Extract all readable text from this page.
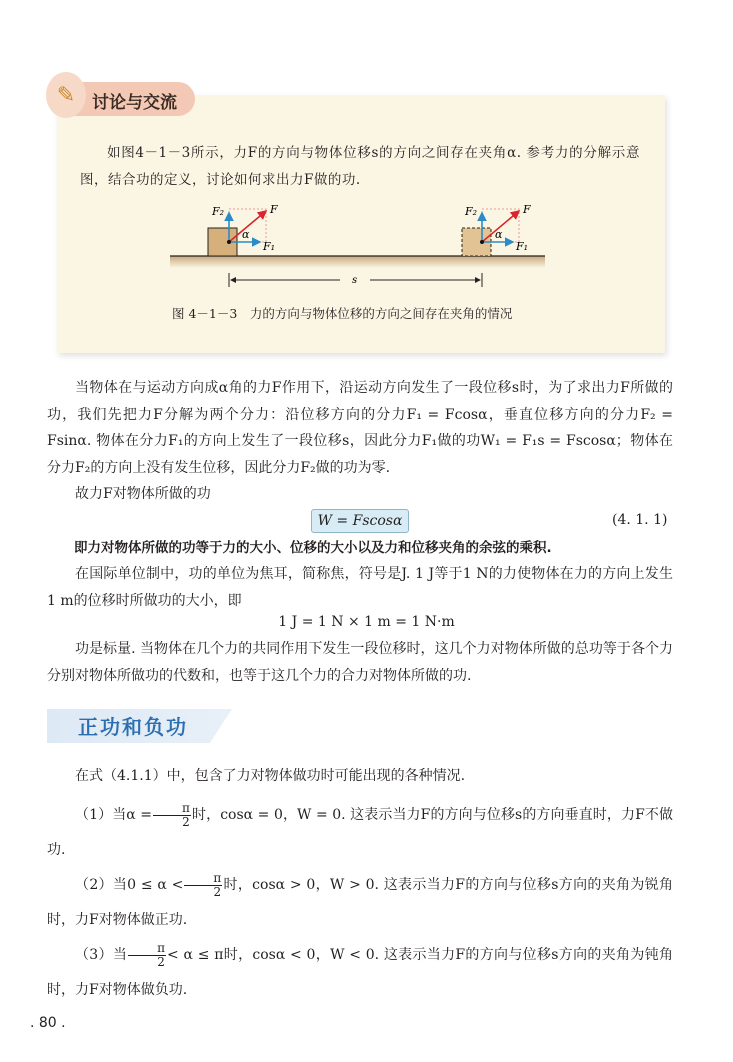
✎ 讨论与交流
如图4－1－3所示，力F的方向与物体位移s的方向之间存在夹角α. 参考力的分解示意图，结合功的定义，讨论如何求出力F做的功.
F₂	F
F₁
α
F₂	F
F₁
α
s
图 4－1－3　力的方向与物体位移的方向之间存在夹角的情况
当物体在与运动方向成α角的力F作用下，沿运动方向发生了一段位移s时，为了求出力F所做的功，我们先把力F分解为两个分力：沿位移方向的分力F₁ = Fcosα，垂直位移方向的分力F₂ = Fsinα. 物体在分力F₁的方向上发生了一段位移s，因此分力F₁做的功W₁ = F₁s = Fscosα；物体在分力F₂的方向上没有发生位移，因此分力F₂做的功为零.
故力F对物体所做的功
W = Fscosα	(4. 1. 1)
即力对物体所做的功等于力的大小、位移的大小以及力和位移夹角的余弦的乘积.
在国际单位制中，功的单位为焦耳，简称焦，符号是J. 1 J等于1 N的力使物体在力的方向上发生1 m的位移时所做功的大小，即
1 J = 1 N × 1 m = 1 N·m
功是标量. 当物体在几个力的共同作用下发生一段位移时，这几个力对物体所做的总功等于各个力分别对物体所做功的代数和，也等于这几个力的合力对物体所做的功.
正功和负功
在式（4.1.1）中，包含了力对物体做功时可能出现的各种情况.
（1）当$\alpha = \frac{\pi}{2}$ 时，cosα = 0，W = 0. 这表示当力F的方向与位移s的方向垂直时，力F不做功.
（2）当$0 \le \alpha < \frac{\pi}{2}$ 时，cosα > 0，W > 0. 这表示当力F的方向与位移s方向的夹角为锐角时，力F对物体做正功.
（3）当 $\frac{\pi}{2} < \alpha \le \pi$时，cosα < 0，W < 0. 这表示当力F的方向与位移s方向的夹角为钝角时，力F对物体做负功.
. 80 .
